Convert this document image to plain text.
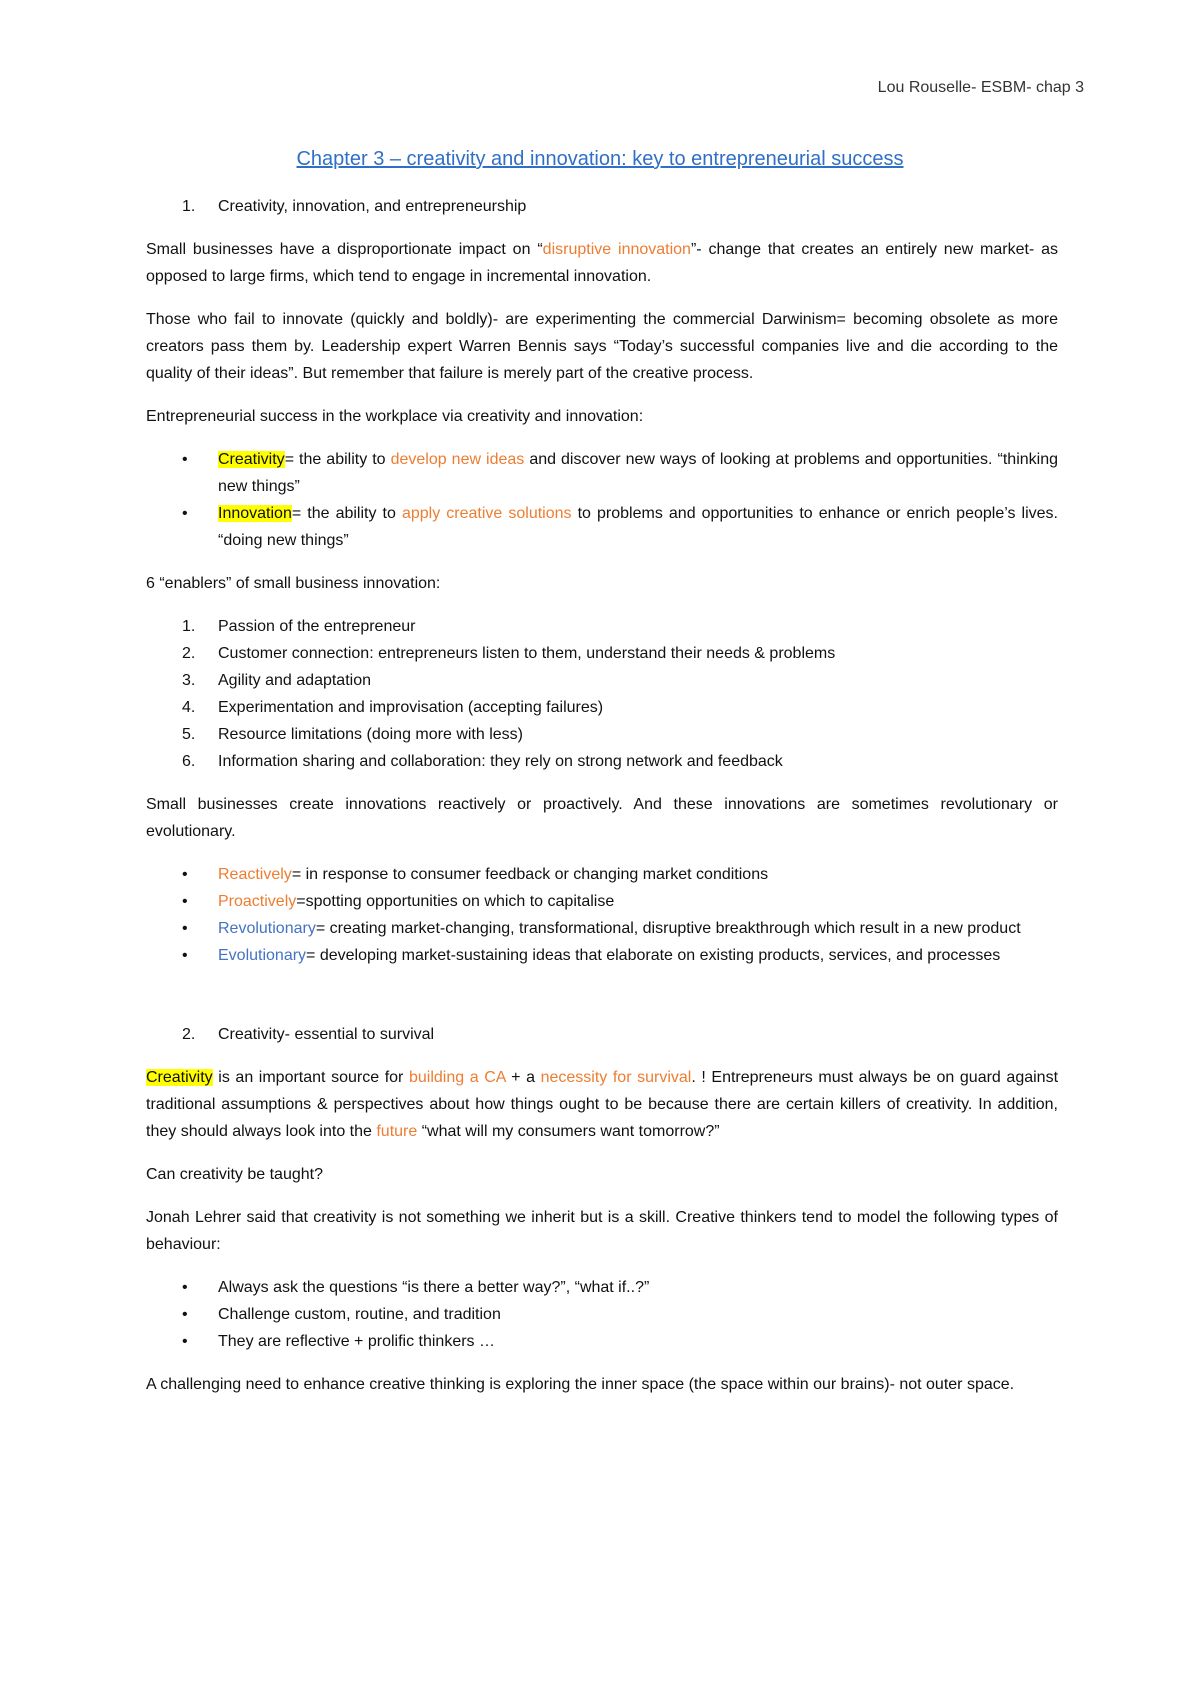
Lou Rouselle- ESBM- chap 3
Chapter 3 – creativity and innovation: key to entrepreneurial success
1.	Creativity, innovation, and entrepreneurship

Small businesses have a disproportionate impact on “disruptive innovation”- change that creates an entirely new market- as opposed to large firms, which tend to engage in incremental innovation.

Those who fail to innovate (quickly and boldly)- are experimenting the commercial Darwinism= becoming obsolete as more creators pass them by. Leadership expert Warren Bennis says “Today’s successful companies live and die according to the quality of their ideas”. But remember that failure is merely part of the creative process.

Entrepreneurial success in the workplace via creativity and innovation:

•	Creativity= the ability to develop new ideas and discover new ways of looking at problems and opportunities. “thinking new things”
•	Innovation= the ability to apply creative solutions to problems and opportunities to enhance or enrich people’s lives. “doing new things”

6 “enablers” of small business innovation:

1.	Passion of the entrepreneur
2.	Customer connection: entrepreneurs listen to them, understand their needs & problems
3.	Agility and adaptation
4.	Experimentation and improvisation (accepting failures)
5.	Resource limitations (doing more with less)
6.	Information sharing and collaboration: they rely on strong network and feedback

Small businesses create innovations reactively or proactively. And these innovations are sometimes revolutionary or evolutionary.

•	Reactively= in response to consumer feedback or changing market conditions
•	Proactively=spotting opportunities on which to capitalise
•	Revolutionary= creating market-changing, transformational, disruptive breakthrough which result in a new product
•	Evolutionary= developing market-sustaining ideas that elaborate on existing products, services, and processes
2.	Creativity- essential to survival

Creativity is an important source for building a CA + a necessity for survival. ! Entrepreneurs must always be on guard against traditional assumptions & perspectives about how things ought to be because there are certain killers of creativity. In addition, they should always look into the future “what will my consumers want tomorrow?”

Can creativity be taught?

Jonah Lehrer said that creativity is not something we inherit but is a skill. Creative thinkers tend to model the following types of behaviour:

•	Always ask the questions “is there a better way?”, “what if..?”
•	Challenge custom, routine, and tradition
•	They are reflective + prolific thinkers …

A challenging need to enhance creative thinking is exploring the inner space (the space within our brains)- not outer space.
